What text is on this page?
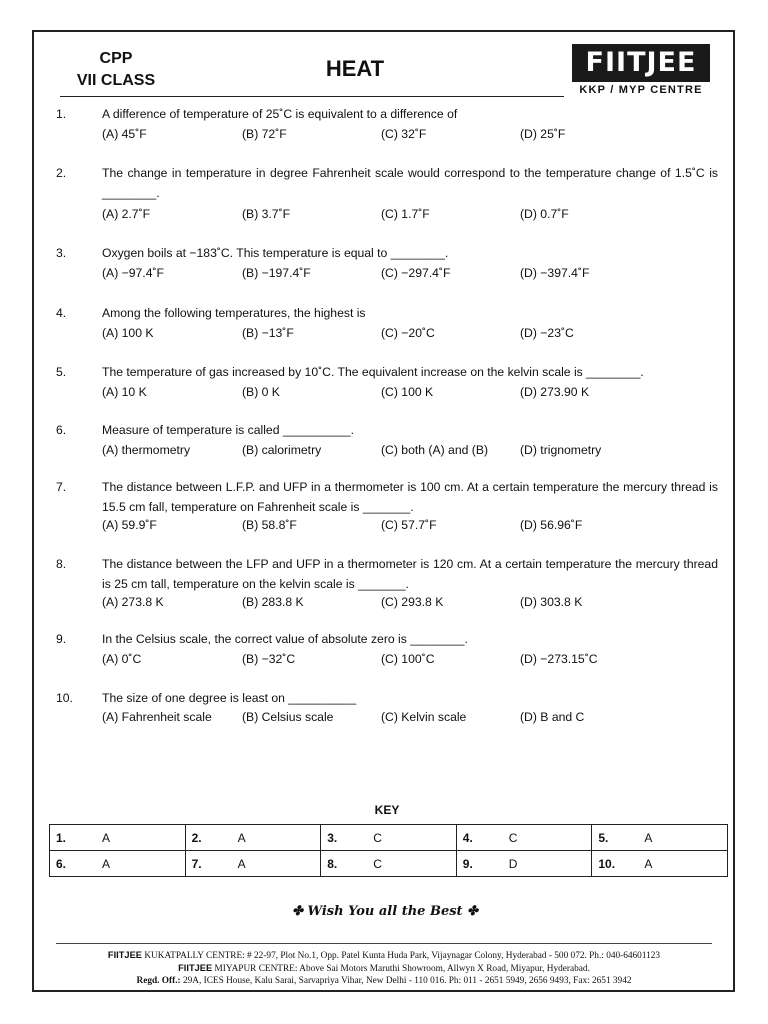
CPP
VII CLASS	HEAT	FIITJEE
KKP / MYP CENTRE
1.	A difference of temperature of 25˚C is equivalent to a difference of
(A) 45˚F	(B) 72˚F	(C) 32˚F	(D) 25˚F
2.	The change in temperature in degree Fahrenheit scale would correspond to the temperature change of 1.5˚C is ________.
(A) 2.7˚F	(B) 3.7˚F	(C) 1.7˚F	(D) 0.7˚F
3.	Oxygen boils at −183˚C. This temperature is equal to ________.
(A) −97.4˚F	(B) −197.4˚F	(C) −297.4˚F	(D) −397.4˚F
4.	Among the following temperatures, the highest is
(A) 100 K	(B) −13˚F	(C) −20˚C	(D) −23˚C
5.	The temperature of gas increased by 10˚C. The equivalent increase on the kelvin scale is ________.
(A) 10 K	(B) 0 K	(C) 100 K	(D) 273.90 K
6.	Measure of temperature is called __________.
(A) thermometry	(B) calorimetry	(C) both (A) and (B)	(D) trignometry
7.	The distance between L.F.P. and UFP in a thermometer is 100 cm. At a certain temperature the mercury thread is 15.5 cm fall, temperature on Fahrenheit scale is _______.
(A) 59.9˚F	(B) 58.8˚F	(C) 57.7˚F	(D) 56.96˚F
8.	The distance between the LFP and UFP in a thermometer is 120 cm. At a certain temperature the mercury thread is 25 cm tall, temperature on the kelvin scale is _______.
(A) 273.8 K	(B) 283.8 K	(C) 293.8 K	(D) 303.8 K
9.	In the Celsius scale, the correct value of absolute zero is ________.
(A) 0˚C	(B) −32˚C	(C) 100˚C	(D) −273.15˚C
10. The size of one degree is least on __________
(A) Fahrenheit scale (B) Celsius scale	(C) Kelvin scale	(D) B and C
KEY
1. A	2. A	3. C	4. C	5. A
6. A	7. A	8. C	9. D	10. A
✤ Wish You all the Best ✤
FIITJEE KUKATPALLY CENTRE: # 22-97, Plot No.1, Opp. Patel Kunta Huda Park, Vijaynagar Colony, Hyderabad - 500 072. Ph.: 040-64601123
FIITJEE MIYAPUR CENTRE: Above Sai Motors Maruthi Showroom, Allwyn X Road, Miyapur, Hyderabad.
Regd. Off.: 29A, ICES House, Kalu Sarai, Sarvapriya Vihar, New Delhi - 110 016. Ph: 011 - 2651 5949, 2656 9493, Fax: 2651 3942
